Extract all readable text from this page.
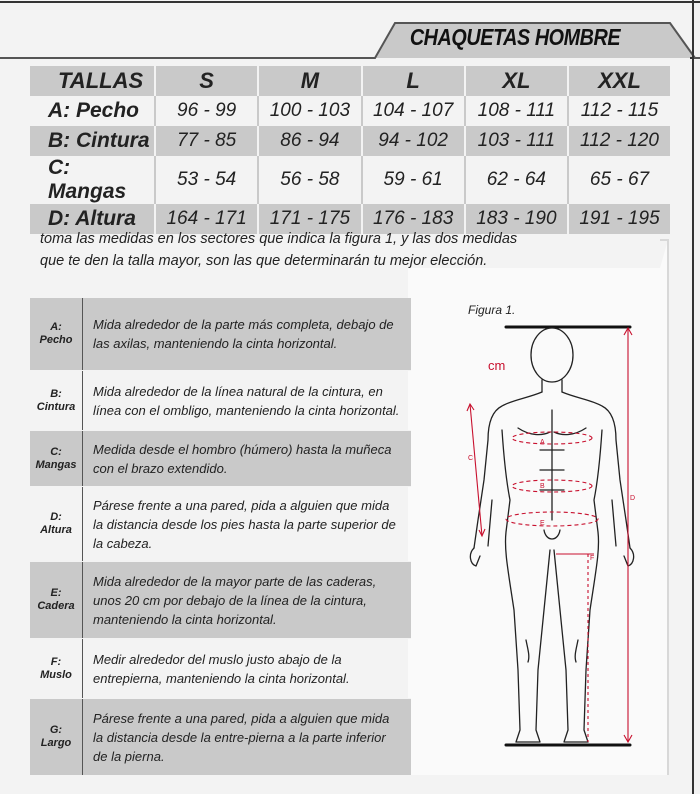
CHAQUETAS HOMBRE
TALLAS	S	M	L	XL	XXL
A: Pecho	96 - 99	100 - 103	104 - 107	108 - 111	112 - 115
B: Cintura	77 - 85	86 - 94	94 - 102	103 - 111	112 - 120
C: Mangas	53 - 54	56 - 58	59 - 61	62 - 64	65 - 67
D: Altura	164 - 171	171 - 175	176 - 183	183 - 190	191 - 195
toma las medidas en los sectores que indica la figura 1, y las dos medidas
que te den la talla mayor, son las que determinarán tu mejor elección.
A:
Pecho
Mida alrededor de la parte más completa, debajo de las axilas, manteniendo la cinta horizontal.
B:
Cintura
Mida alrededor de la línea natural de la cintura, en línea con el ombligo, manteniendo la cinta horizontal.
C:
Mangas
Medida desde el hombro (húmero) hasta la muñeca con el brazo extendido.
D:
Altura
Párese frente a una pared, pida a alguien que mida la distancia desde los pies hasta la parte superior de la cabeza.
E:
Cadera
Mida alrededor de la mayor parte de las caderas, unos 20 cm por debajo de la línea de la cintura, manteniendo la cinta horizontal.
F:
Muslo
Medir alrededor del muslo justo abajo de la entrepierna, manteniendo la cinta horizontal.
G:
Largo
Párese frente a una pared, pida a alguien que mida la distancia desde la entre-pierna a la parte inferior de la pierna.
Figura 1.
cm
A
B
C
D
E
F
